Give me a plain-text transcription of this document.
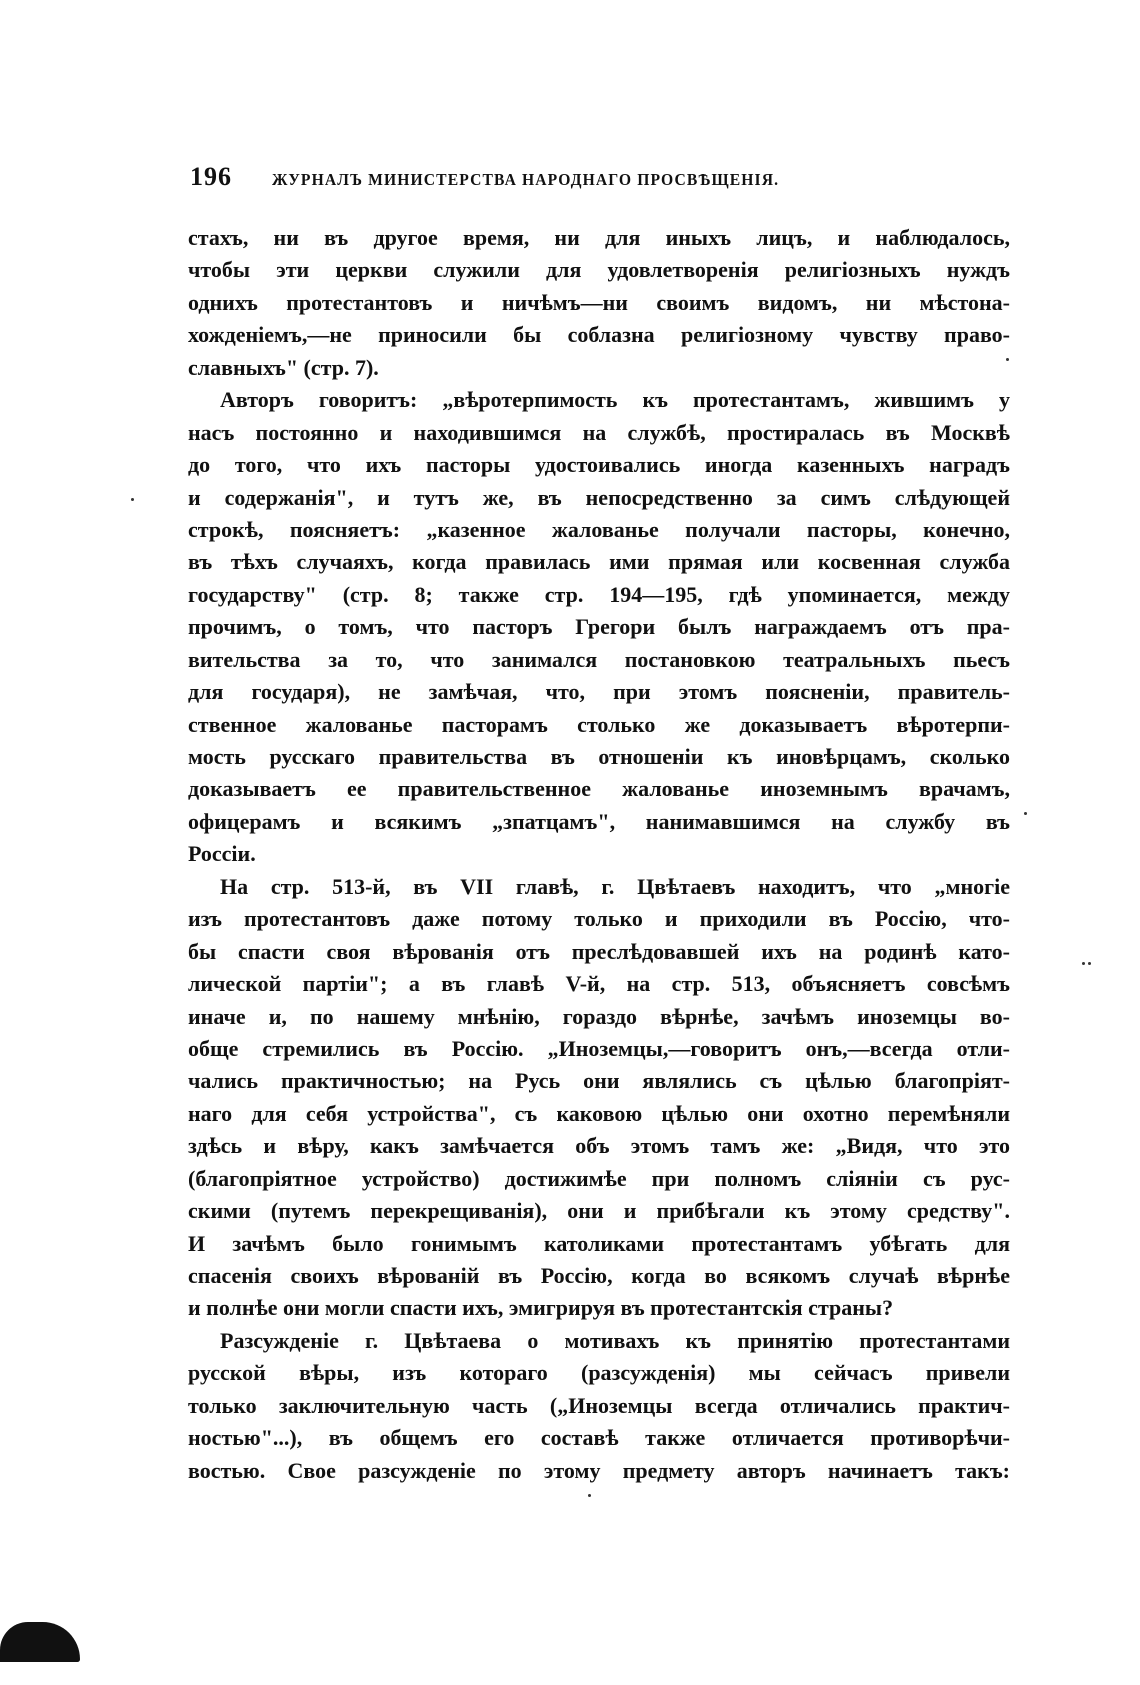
196 ЖУРНАЛЪ МИНИСТЕРСТВА НАРОДНАГО ПРОСВѢЩЕНІЯ.
стахъ, ни въ другое время, ни для иныхъ лицъ, и наблюдалось,
чтобы эти церкви служили для удовлетворенія религіозныхъ нуждъ
однихъ протестантовъ и ничѣмъ—ни своимъ видомъ, ни мѣстона-
хожденіемъ,—не приносили бы соблазна религіозному чувству право-
славныхъ" (стр. 7).
Авторъ говоритъ: „вѣротерпимость къ протестантамъ, жившимъ у
насъ постоянно и находившимся на службѣ, простиралась въ Москвѣ
до того, что ихъ пасторы удостоивались иногда казенныхъ наградъ
и содержанія", и тутъ же, въ непосредственно за симъ слѣдующей
строкѣ, поясняетъ: „казенное жалованье получали пасторы, конечно,
въ тѣхъ случаяхъ, когда правилась ими прямая или косвенная служба
государству" (стр. 8; также стр. 194—195, гдѣ упоминается, между
прочимъ, о томъ, что пасторъ Грегори былъ награждаемъ отъ пра-
вительства за то, что занимался постановкою театральныхъ пьесъ
для государя), не замѣчая, что, при этомъ поясненіи, правитель-
ственное жалованье пасторамъ столько же доказываетъ вѣротерпи-
мость русскаго правительства въ отношеніи къ иновѣрцамъ, сколько
доказываетъ ее правительственное жалованье иноземнымъ врачамъ,
офицерамъ и всякимъ „зпатцамъ", нанимавшимся на службу въ
Россіи.
На стр. 513-й, въ VII главѣ, г. Цвѣтаевъ находитъ, что „многіе
изъ протестантовъ даже потому только и приходили въ Россію, что-
бы спасти своя вѣрованія отъ преслѣдовавшей ихъ на родинѣ като-
лической партіи"; а въ главѣ V-й, на стр. 513, объясняетъ совсѣмъ
иначе и, по нашему мнѣнію, гораздо вѣрнѣе, зачѣмъ иноземцы во-
обще стремились въ Россію. „Иноземцы,—говоритъ онъ,—всегда отли-
чались практичностью; на Русь они являлись съ цѣлью благопріят-
наго для себя устройства", съ каковою цѣлью они охотно перемѣняли
здѣсь и вѣру, какъ замѣчается объ этомъ тамъ же: „Видя, что это
(благопріятное устройство) достижимѣе при полномъ сліяніи съ рус-
скими (путемъ перекрещиванія), они и прибѣгали къ этому средству".
И зачѣмъ было гонимымъ католиками протестантамъ убѣгать для
спасенія своихъ вѣрованій въ Россію, когда во всякомъ случаѣ вѣрнѣе
и полнѣе они могли спасти ихъ, эмигрируя въ протестантскія страны?
Разсужденіе г. Цвѣтаева о мотивахъ къ принятію протестантами
русской вѣры, изъ котораго (разсужденія) мы сейчасъ привели
только заключительную часть („Иноземцы всегда отличались практич-
ностью"...), въ общемъ его составѣ также отличается противорѣчи-
востью. Свое разсужденіе по этому предмету авторъ начинаетъ такъ:
